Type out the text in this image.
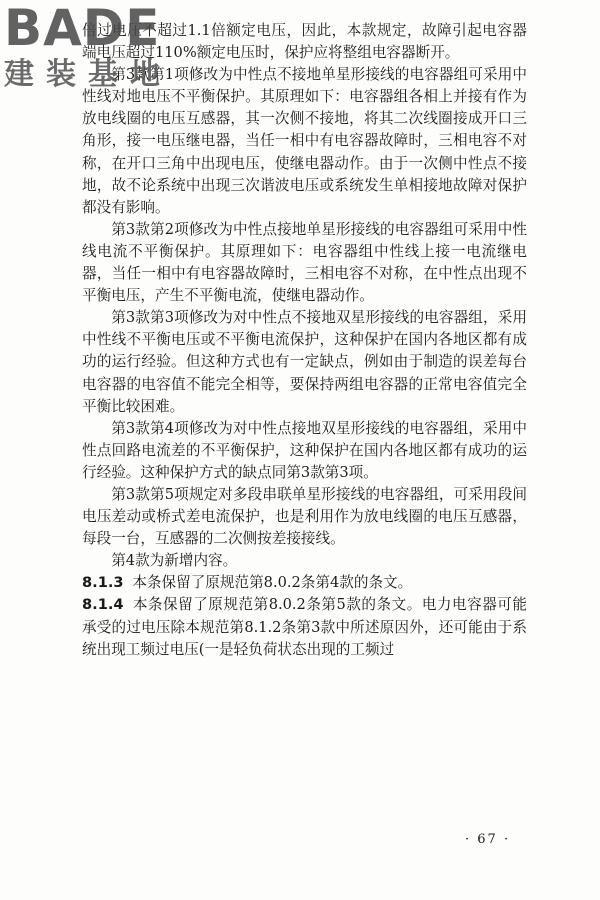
BADE
建装基地

倍过电压不超过1.1倍额定电压，因此，本款规定，故障引起电容器端电压超过110%额定电压时，保护应将整组电容器断开。

第3款第1项修改为中性点不接地单星形接线的电容器组可采用中性线对地电压不平衡保护。其原理如下：电容器组各相上并接有作为放电线圈的电压互感器，其一次侧不接地，将其二次线圈接成开口三角形，接一电压继电器，当任一相中有电容器故障时，三相电容不对称，在开口三角中出现电压，使继电器动作。由于一次侧中性点不接地，故不论系统中出现三次谐波电压或系统发生单相接地故障对保护都没有影响。

第3款第2项修改为中性点接地单星形接线的电容器组可采用中性线电流不平衡保护。其原理如下：电容器组中性线上接一电流继电器，当任一相中有电容器故障时，三相电容不对称，在中性点出现不平衡电压，产生不平衡电流，使继电器动作。

第3款第3项修改为对中性点不接地双星形接线的电容器组，采用中性线不平衡电压或不平衡电流保护，这种保护在国内各地区都有成功的运行经验。但这种方式也有一定缺点，例如由于制造的误差每台电容器的电容值不能完全相等，要保持两组电容器的正常电容值完全平衡比较困难。

第3款第4项修改为对中性点接地双星形接线的电容器组，采用中性点回路电流差的不平衡保护，这种保护在国内各地区都有成功的运行经验。这种保护方式的缺点同第3款第3项。

第3款第5项规定对多段串联单星形接线的电容器组，可采用段间电压差动或桥式差电流保护，也是利用作为放电线圈的电压互感器，每段一台，互感器的二次侧按差接接线。

第4款为新增内容。

8.1.3 本条保留了原规范第8.0.2条第4款的条文。

8.1.4 本条保留了原规范第8.0.2条第5款的条文。电力电容器可能承受的过电压除本规范第8.1.2条第3款中所述原因外，还可能由于系统出现工频过电压(一是轻负荷状态出现的工频过

· 67 ·
